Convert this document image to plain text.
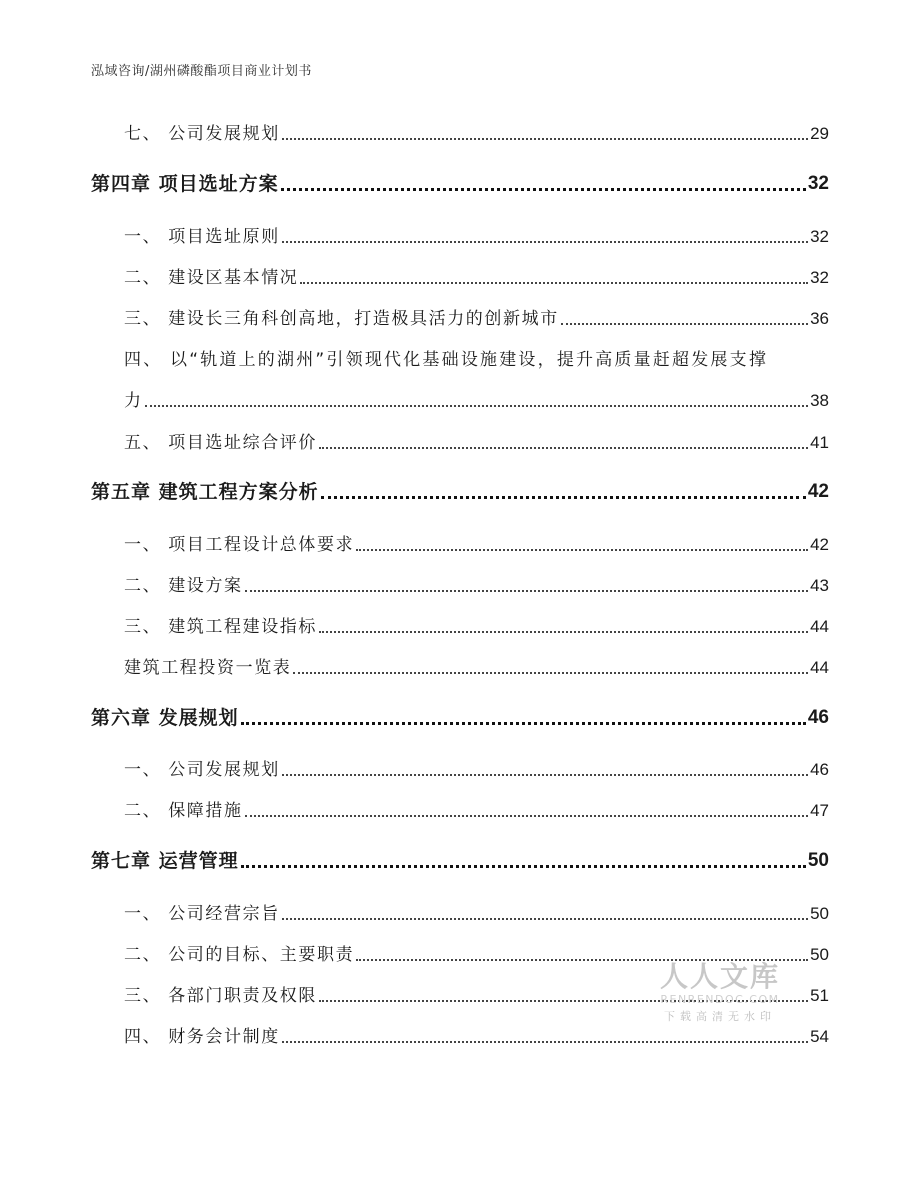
泓域咨询/湖州磷酸酯项目商业计划书
七、 公司发展规划	29
第四章 项目选址方案	32
一、 项目选址原则	32
二、 建设区基本情况	32
三、 建设长三角科创高地，打造极具活力的创新城市	36
四、 以“轨道上的湖州”引领现代化基础设施建设，提升高质量赶超发展支撑
力	38
五、 项目选址综合评价	41
第五章 建筑工程方案分析	42
一、 项目工程设计总体要求	42
二、 建设方案	43
三、 建筑工程建设指标	44
建筑工程投资一览表	44
第六章 发展规划	46
一、 公司发展规划	46
二、 保障措施	47
第七章 运营管理	50
一、 公司经营宗旨	50
二、 公司的目标、主要职责	50
三、 各部门职责及权限	51
四、 财务会计制度	54
人人文库
RENRENDOC.COM
下载高清无水印
